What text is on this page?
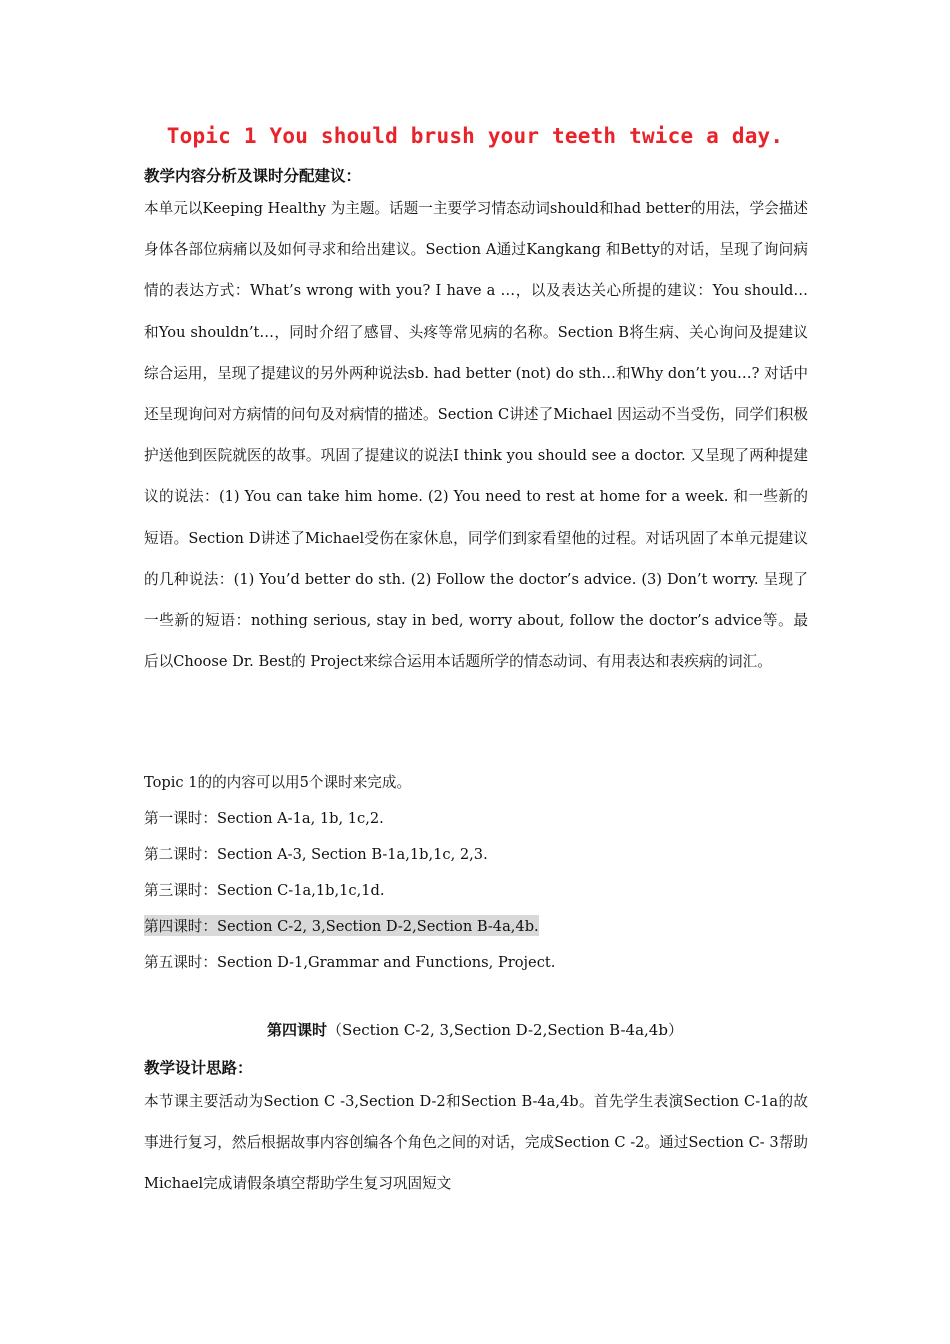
Topic 1 You should brush your teeth twice a day.
教学内容分析及课时分配建议：
本单元以Keeping Healthy 为主题。话题一主要学习情态动词should和had better的用法，学会描述身体各部位病痛以及如何寻求和给出建议。Section A通过Kangkang 和Betty的对话，呈现了询问病情的表达方式：What’s wrong with you? I have a …，以及表达关心所提的建议：You should… 和You shouldn’t…，同时介绍了感冒、头疼等常见病的名称。Section B将生病、关心询问及提建议综合运用，呈现了提建议的另外两种说法sb. had better (not) do sth…和Why don’t you…? 对话中还呈现询问对方病情的问句及对病情的描述。Section C讲述了Michael 因运动不当受伤，同学们积极护送他到医院就医的故事。巩固了提建议的说法I think you should see a doctor. 又呈现了两种提建议的说法：(1) You can take him home. (2) You need to rest at home for a week. 和一些新的短语。Section D讲述了Michael受伤在家休息，同学们到家看望他的过程。对话巩固了本单元提建议的几种说法：(1) You’d better do sth. (2) Follow the doctor’s advice. (3) Don’t worry. 呈现了一些新的短语：nothing serious, stay in bed, worry about, follow the doctor’s advice等。最后以Choose Dr. Best的 Project来综合运用本话题所学的情态动词、有用表达和表疾病的词汇。
Topic 1的的内容可以用5个课时来完成。
第一课时：Section A-1a, 1b, 1c,2.
第二课时：Section A-3, Section B-1a,1b,1c, 2,3.
第三课时：Section C-1a,1b,1c,1d.
第四课时：Section C-2, 3,Section D-2,Section B-4a,4b.
第五课时：Section D-1,Grammar and Functions, Project.
第四课时（Section C-2, 3,Section D-2,Section B-4a,4b）
教学设计思路：
本节课主要活动为Section C -3,Section D-2和Section B-4a,4b。首先学生表演Section C-1a的故事进行复习，然后根据故事内容创编各个角色之间的对话，完成Section C -2。通过Section C- 3帮助Michael完成请假条填空帮助学生复习巩固短文
